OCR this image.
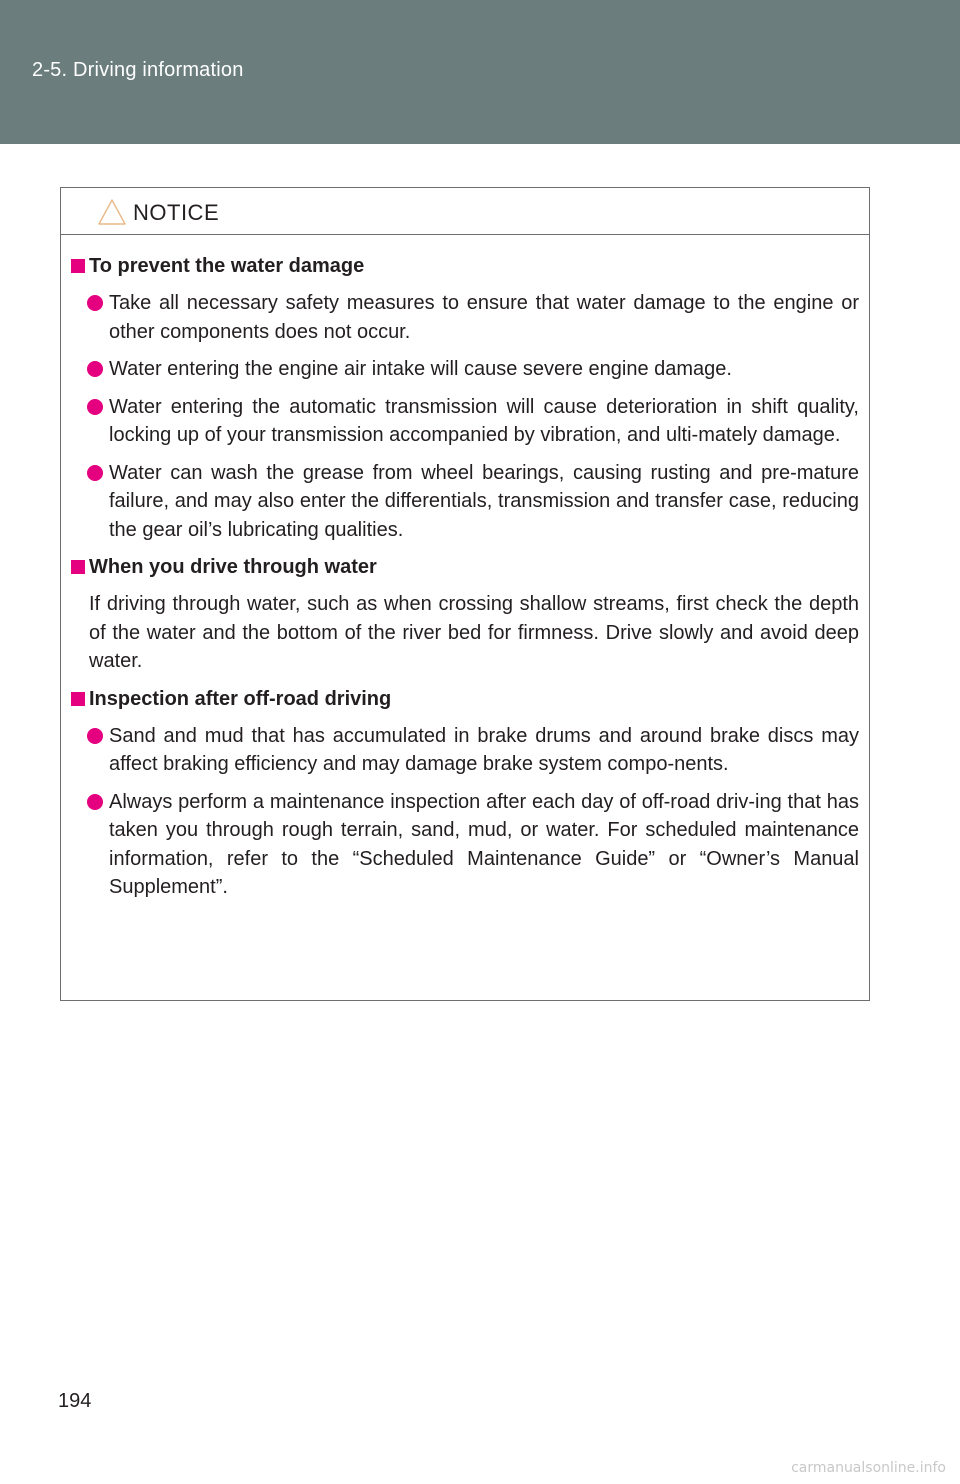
2-5. Driving information
NOTICE
To prevent the water damage
Take all necessary safety measures to ensure that water damage to the engine or other components does not occur.
Water entering the engine air intake will cause severe engine damage.
Water entering the automatic transmission will cause deterioration in shift quality, locking up of your transmission accompanied by vibration, and ulti-mately damage.
Water can wash the grease from wheel bearings, causing rusting and pre-mature failure, and may also enter the differentials, transmission and transfer case, reducing the gear oil’s lubricating qualities.
When you drive through water
If driving through water, such as when crossing shallow streams, first check the depth of the water and the bottom of the river bed for firmness. Drive slowly and avoid deep water.
Inspection after off-road driving
Sand and mud that has accumulated in brake drums and around brake discs may affect braking efficiency and may damage brake system compo-nents.
Always perform a maintenance inspection after each day of off-road driv-ing that has taken you through rough terrain, sand, mud, or water. For scheduled maintenance information, refer to the “Scheduled Maintenance Guide” or “Owner’s Manual Supplement”.
194
carmanualsonline.info
